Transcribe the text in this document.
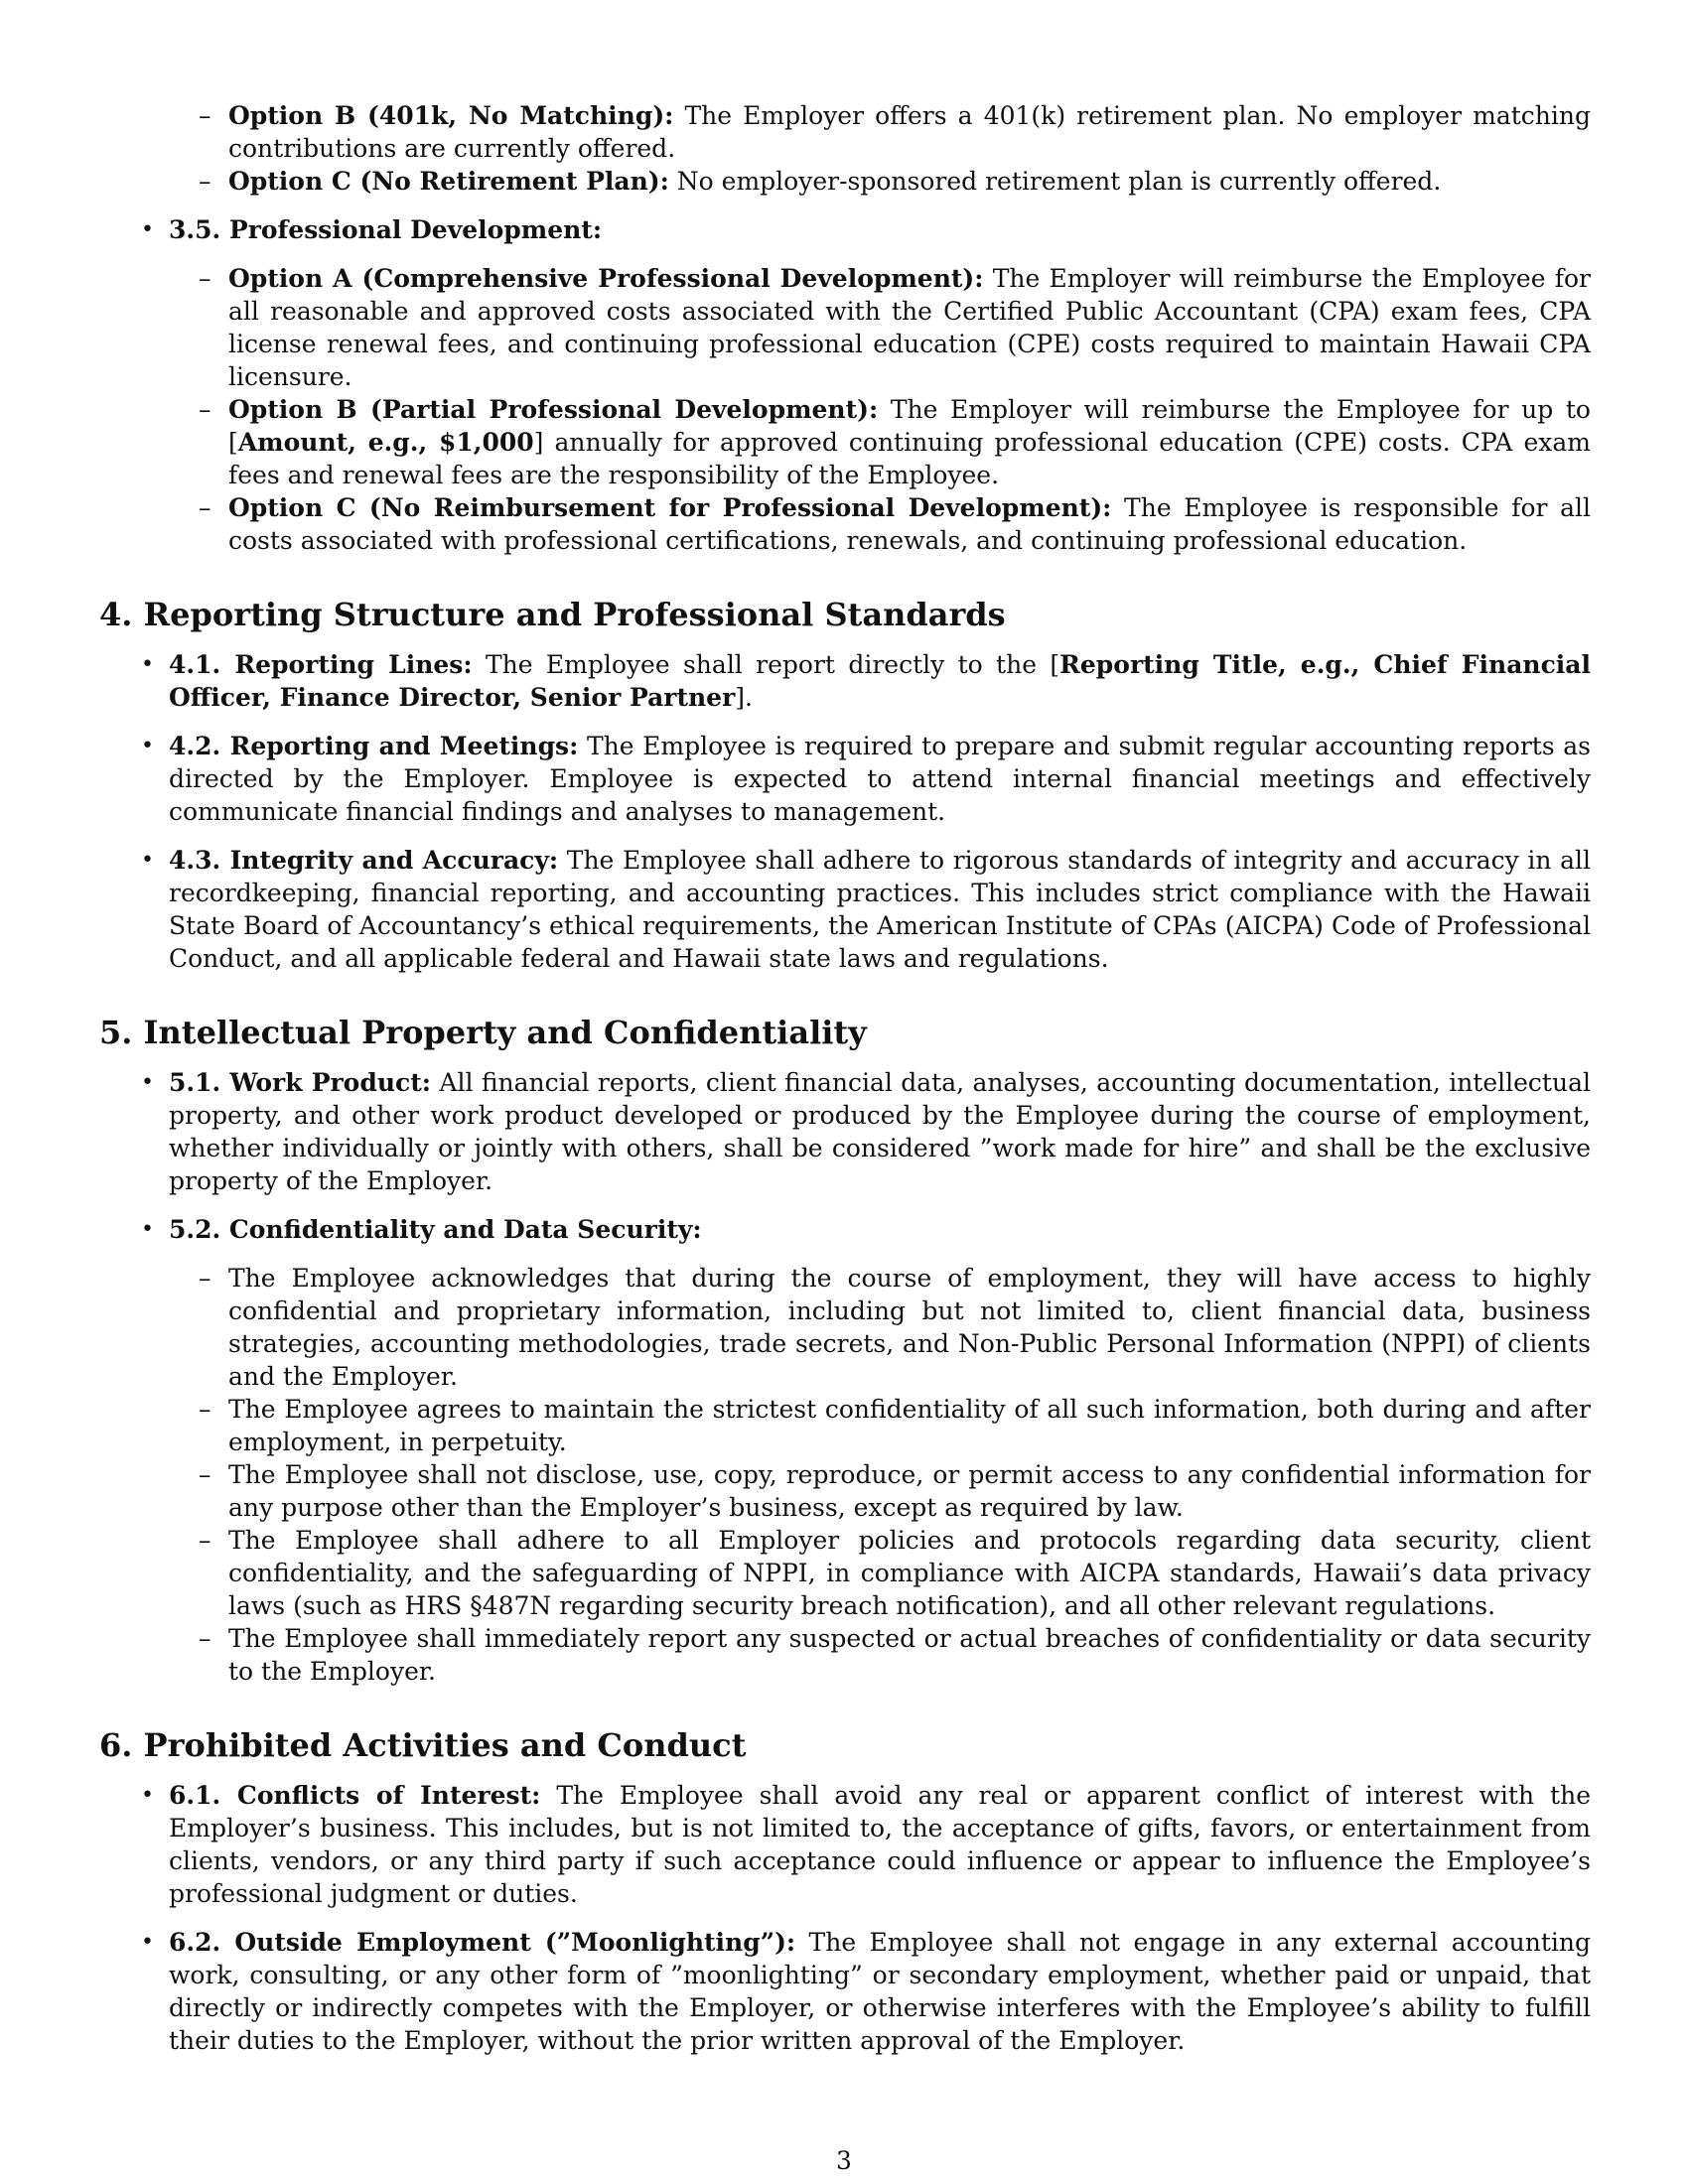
– Option B (401k, No Matching): The Employer offers a 401(k) retirement plan. No employer matching contributions are currently offered.
– Option C (No Retirement Plan): No employer-sponsored retirement plan is currently offered.
• 3.5. Professional Development:
– Option A (Comprehensive Professional Development): The Employer will reimburse the Employee for all reasonable and approved costs associated with the Certified Public Accountant (CPA) exam fees, CPA license renewal fees, and continuing professional education (CPE) costs required to maintain Hawaii CPA licensure.
– Option B (Partial Professional Development): The Employer will reimburse the Employee for up to [Amount, e.g., $1,000] annually for approved continuing professional education (CPE) costs. CPA exam fees and renewal fees are the responsibility of the Employee.
– Option C (No Reimbursement for Professional Development): The Employee is responsible for all costs associated with professional certifications, renewals, and continuing professional education.
4. Reporting Structure and Professional Standards
• 4.1. Reporting Lines: The Employee shall report directly to the [Reporting Title, e.g., Chief Financial Officer, Finance Director, Senior Partner].
• 4.2. Reporting and Meetings: The Employee is required to prepare and submit regular accounting reports as directed by the Employer. Employee is expected to attend internal financial meetings and effectively communicate financial findings and analyses to management.
• 4.3. Integrity and Accuracy: The Employee shall adhere to rigorous standards of integrity and accuracy in all recordkeeping, financial reporting, and accounting practices. This includes strict compliance with the Hawaii State Board of Accountancy’s ethical requirements, the American Institute of CPAs (AICPA) Code of Professional Conduct, and all applicable federal and Hawaii state laws and regulations.
5. Intellectual Property and Confidentiality
• 5.1. Work Product: All financial reports, client financial data, analyses, accounting documentation, intellectual property, and other work product developed or produced by the Employee during the course of employment, whether individually or jointly with others, shall be considered ”work made for hire” and shall be the exclusive property of the Employer.
• 5.2. Confidentiality and Data Security:
– The Employee acknowledges that during the course of employment, they will have access to highly confidential and proprietary information, including but not limited to, client financial data, business strategies, accounting methodologies, trade secrets, and Non-Public Personal Information (NPPI) of clients and the Employer.
– The Employee agrees to maintain the strictest confidentiality of all such information, both during and after employment, in perpetuity.
– The Employee shall not disclose, use, copy, reproduce, or permit access to any confidential information for any purpose other than the Employer’s business, except as required by law.
– The Employee shall adhere to all Employer policies and protocols regarding data security, client confidentiality, and the safeguarding of NPPI, in compliance with AICPA standards, Hawaii’s data privacy laws (such as HRS §487N regarding security breach notification), and all other relevant regulations.
– The Employee shall immediately report any suspected or actual breaches of confidentiality or data security to the Employer.
6. Prohibited Activities and Conduct
• 6.1. Conflicts of Interest: The Employee shall avoid any real or apparent conflict of interest with the Employer’s business. This includes, but is not limited to, the acceptance of gifts, favors, or entertainment from clients, vendors, or any third party if such acceptance could influence or appear to influence the Employee’s professional judgment or duties.
• 6.2. Outside Employment (”Moonlighting”): The Employee shall not engage in any external accounting work, consulting, or any other form of ”moonlighting” or secondary employment, whether paid or unpaid, that directly or indirectly competes with the Employer, or otherwise interferes with the Employee’s ability to fulfill their duties to the Employer, without the prior written approval of the Employer.
3
